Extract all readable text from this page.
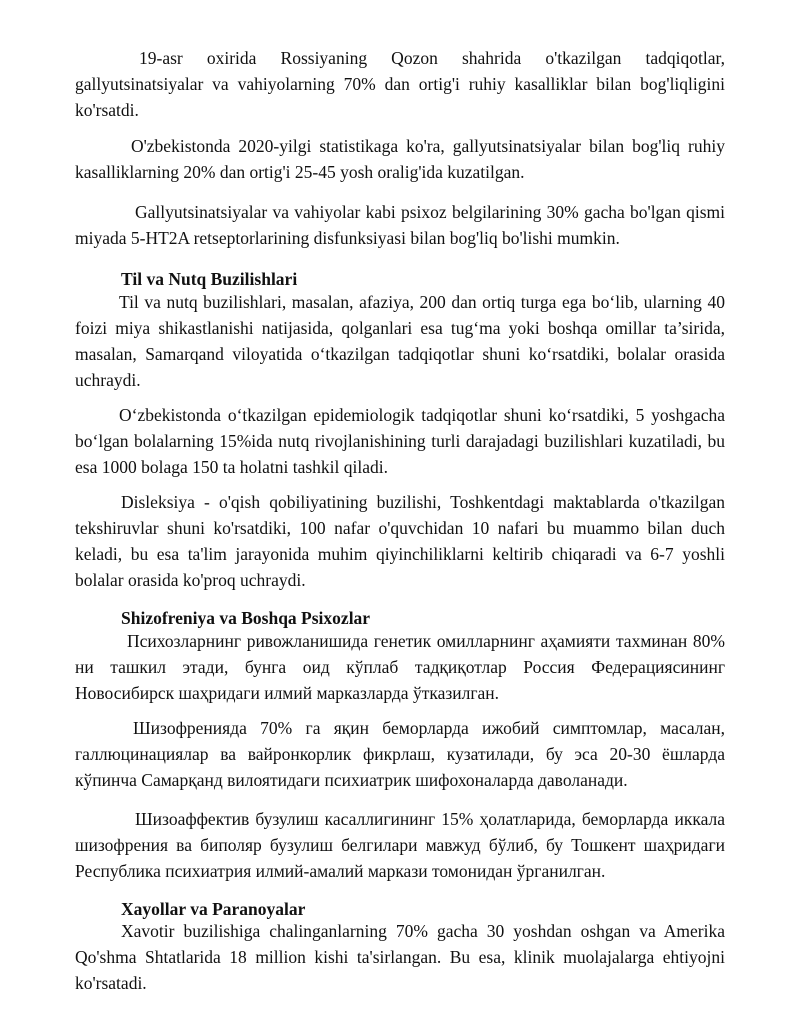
19-asr oxirida Rossiyaning Qozon shahrida o'tkazilgan tadqiqotlar, gallyutsinatsiyalar va vahiyolarning 70% dan ortig'i ruhiy kasalliklar bilan bog'liqligini ko'rsatdi.

O'zbekistonda 2020-yilgi statistikaga ko'ra, gallyutsinatsiyalar bilan bog'liq ruhiy kasalliklarning 20% dan ortig'i 25-45 yosh oralig'ida kuzatilgan.

Gallyutsinatsiyalar va vahiyolar kabi psixoz belgilarining 30% gacha bo'lgan qismi miyada 5-HT2A retseptorlarining disfunksiyasi bilan bog'liq bo'lishi mumkin.

Til va Nutq Buzilishlari

Til va nutq buzilishlari, masalan, afaziya, 200 dan ortiq turga ega bo‘lib, ularning 40 foizi miya shikastlanishi natijasida, qolganlari esa tug‘ma yoki boshqa omillar ta’sirida, masalan, Samarqand viloyatida o‘tkazilgan tadqiqotlar shuni ko‘rsatdiki, bolalar orasida uchraydi.

O‘zbekistonda o‘tkazilgan epidemiologik tadqiqotlar shuni ko‘rsatdiki, 5 yoshgacha bo‘lgan bolalarning 15%ida nutq rivojlanishining turli darajadagi buzilishlari kuzatiladi, bu esa 1000 bolaga 150 ta holatni tashkil qiladi.

Disleksiya - o'qish qobiliyatining buzilishi, Toshkentdagi maktablarda o'tkazilgan tekshiruvlar shuni ko'rsatdiki, 100 nafar o'quvchidan 10 nafari bu muammo bilan duch keladi, bu esa ta'lim jarayonida muhim qiyinchiliklarni keltirib chiqaradi va 6-7 yoshli bolalar orasida ko'proq uchraydi.

Shizofreniya va Boshqa Psixozlar

Психозларнинг ривожланишида генетик омилларнинг аҳамияти тахминан 80% ни ташкил этади, бунга оид кўплаб тадқиқотлар Россия Федерациясининг Новосибирск шаҳридаги илмий марказларда ўтказилган.

Шизофренияда 70% га яқин беморларда ижобий симптомлар, масалан, галлюцинациялар ва вайронкорлик фикрлаш, кузатилади, бу эса 20-30 ёшларда кўпинча Самарқанд вилоятидаги психиатрик шифохоналарда даволанади.

Шизоаффектив бузулиш касаллигининг 15% ҳолатларида, беморларда иккала шизофрения ва биполяр бузулиш белгилари мавжуд бўлиб, бу Тошкент шаҳридаги Республика психиатрия илмий-амалий маркази томонидан ўрганилган.

Xayollar va Paranoyalar

Xavotir buzilishiga chalinganlarning 70% gacha 30 yoshdan oshgan va Amerika Qo'shma Shtatlarida 18 million kishi ta'sirlangan. Bu esa, klinik muolajalarga ehtiyojni ko'rsatadi.
